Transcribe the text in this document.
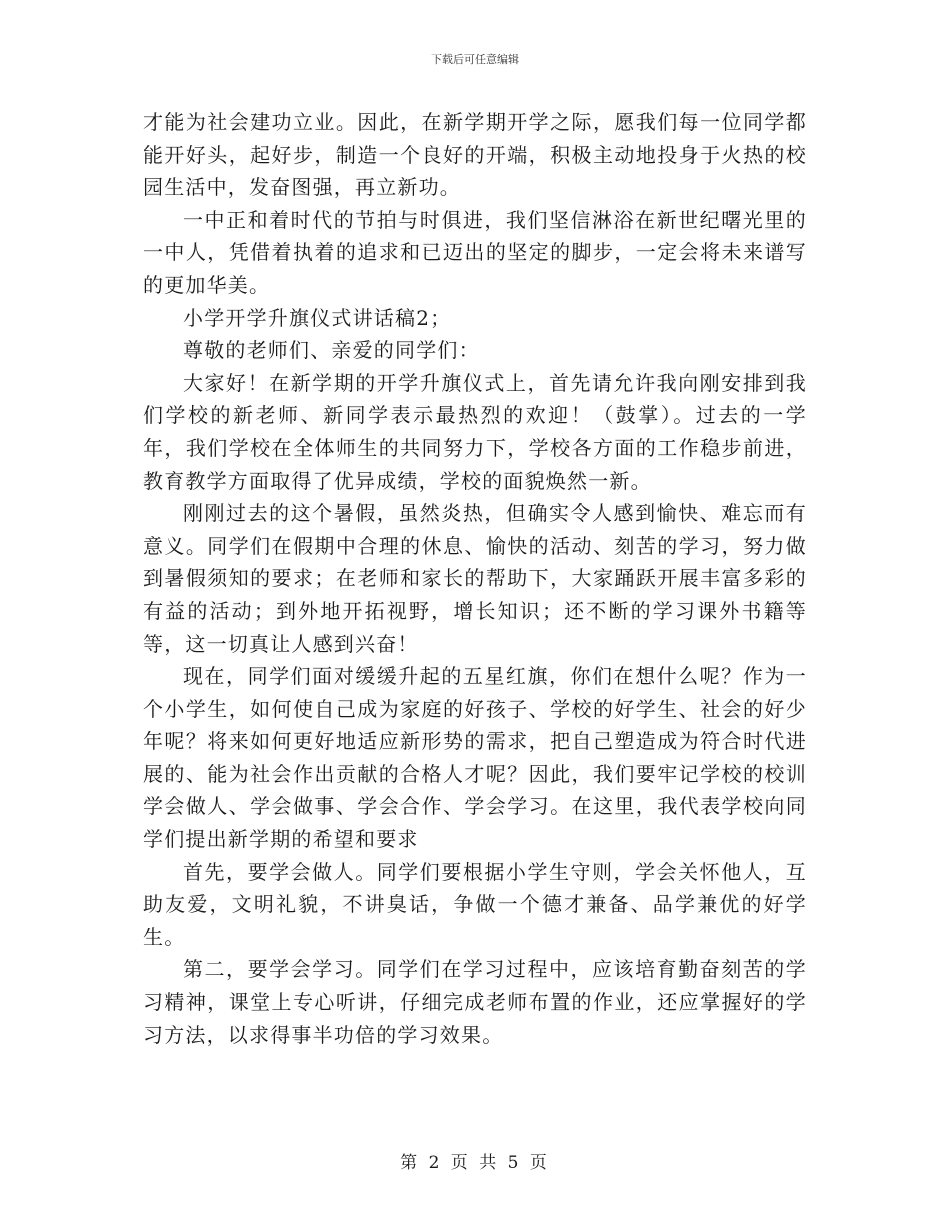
下载后可任意编辑

才能为社会建功立业。因此，在新学期开学之际，愿我们每一位同学都能开好头，起好步，制造一个良好的开端，积极主动地投身于火热的校园生活中，发奋图强，再立新功。

一中正和着时代的节拍与时俱进，我们坚信淋浴在新世纪曙光里的一中人，凭借着执着的追求和已迈出的坚定的脚步，一定会将未来谱写的更加华美。

小学开学升旗仪式讲话稿2；

尊敬的老师们、亲爱的同学们：

大家好！在新学期的开学升旗仪式上，首先请允许我向刚安排到我们学校的新老师、新同学表示最热烈的欢迎！（鼓掌）。过去的一学年，我们学校在全体师生的共同努力下，学校各方面的工作稳步前进，教育教学方面取得了优异成绩，学校的面貌焕然一新。

刚刚过去的这个暑假，虽然炎热，但确实令人感到愉快、难忘而有意义。同学们在假期中合理的休息、愉快的活动、刻苦的学习，努力做到暑假须知的要求；在老师和家长的帮助下，大家踊跃开展丰富多彩的有益的活动；到外地开拓视野，增长知识；还不断的学习课外书籍等等，这一切真让人感到兴奋！

现在，同学们面对缓缓升起的五星红旗，你们在想什么呢？作为一个小学生，如何使自己成为家庭的好孩子、学校的好学生、社会的好少年呢？将来如何更好地适应新形势的需求，把自己塑造成为符合时代进展的、能为社会作出贡献的合格人才呢？因此，我们要牢记学校的校训学会做人、学会做事、学会合作、学会学习。在这里，我代表学校向同学们提出新学期的希望和要求

首先，要学会做人。同学们要根据小学生守则，学会关怀他人，互助友爱，文明礼貌，不讲臭话，争做一个德才兼备、品学兼优的好学生。

第二，要学会学习。同学们在学习过程中，应该培育勤奋刻苦的学习精神，课堂上专心听讲，仔细完成老师布置的作业，还应掌握好的学习方法，以求得事半功倍的学习效果。

第 2 页 共 5 页
